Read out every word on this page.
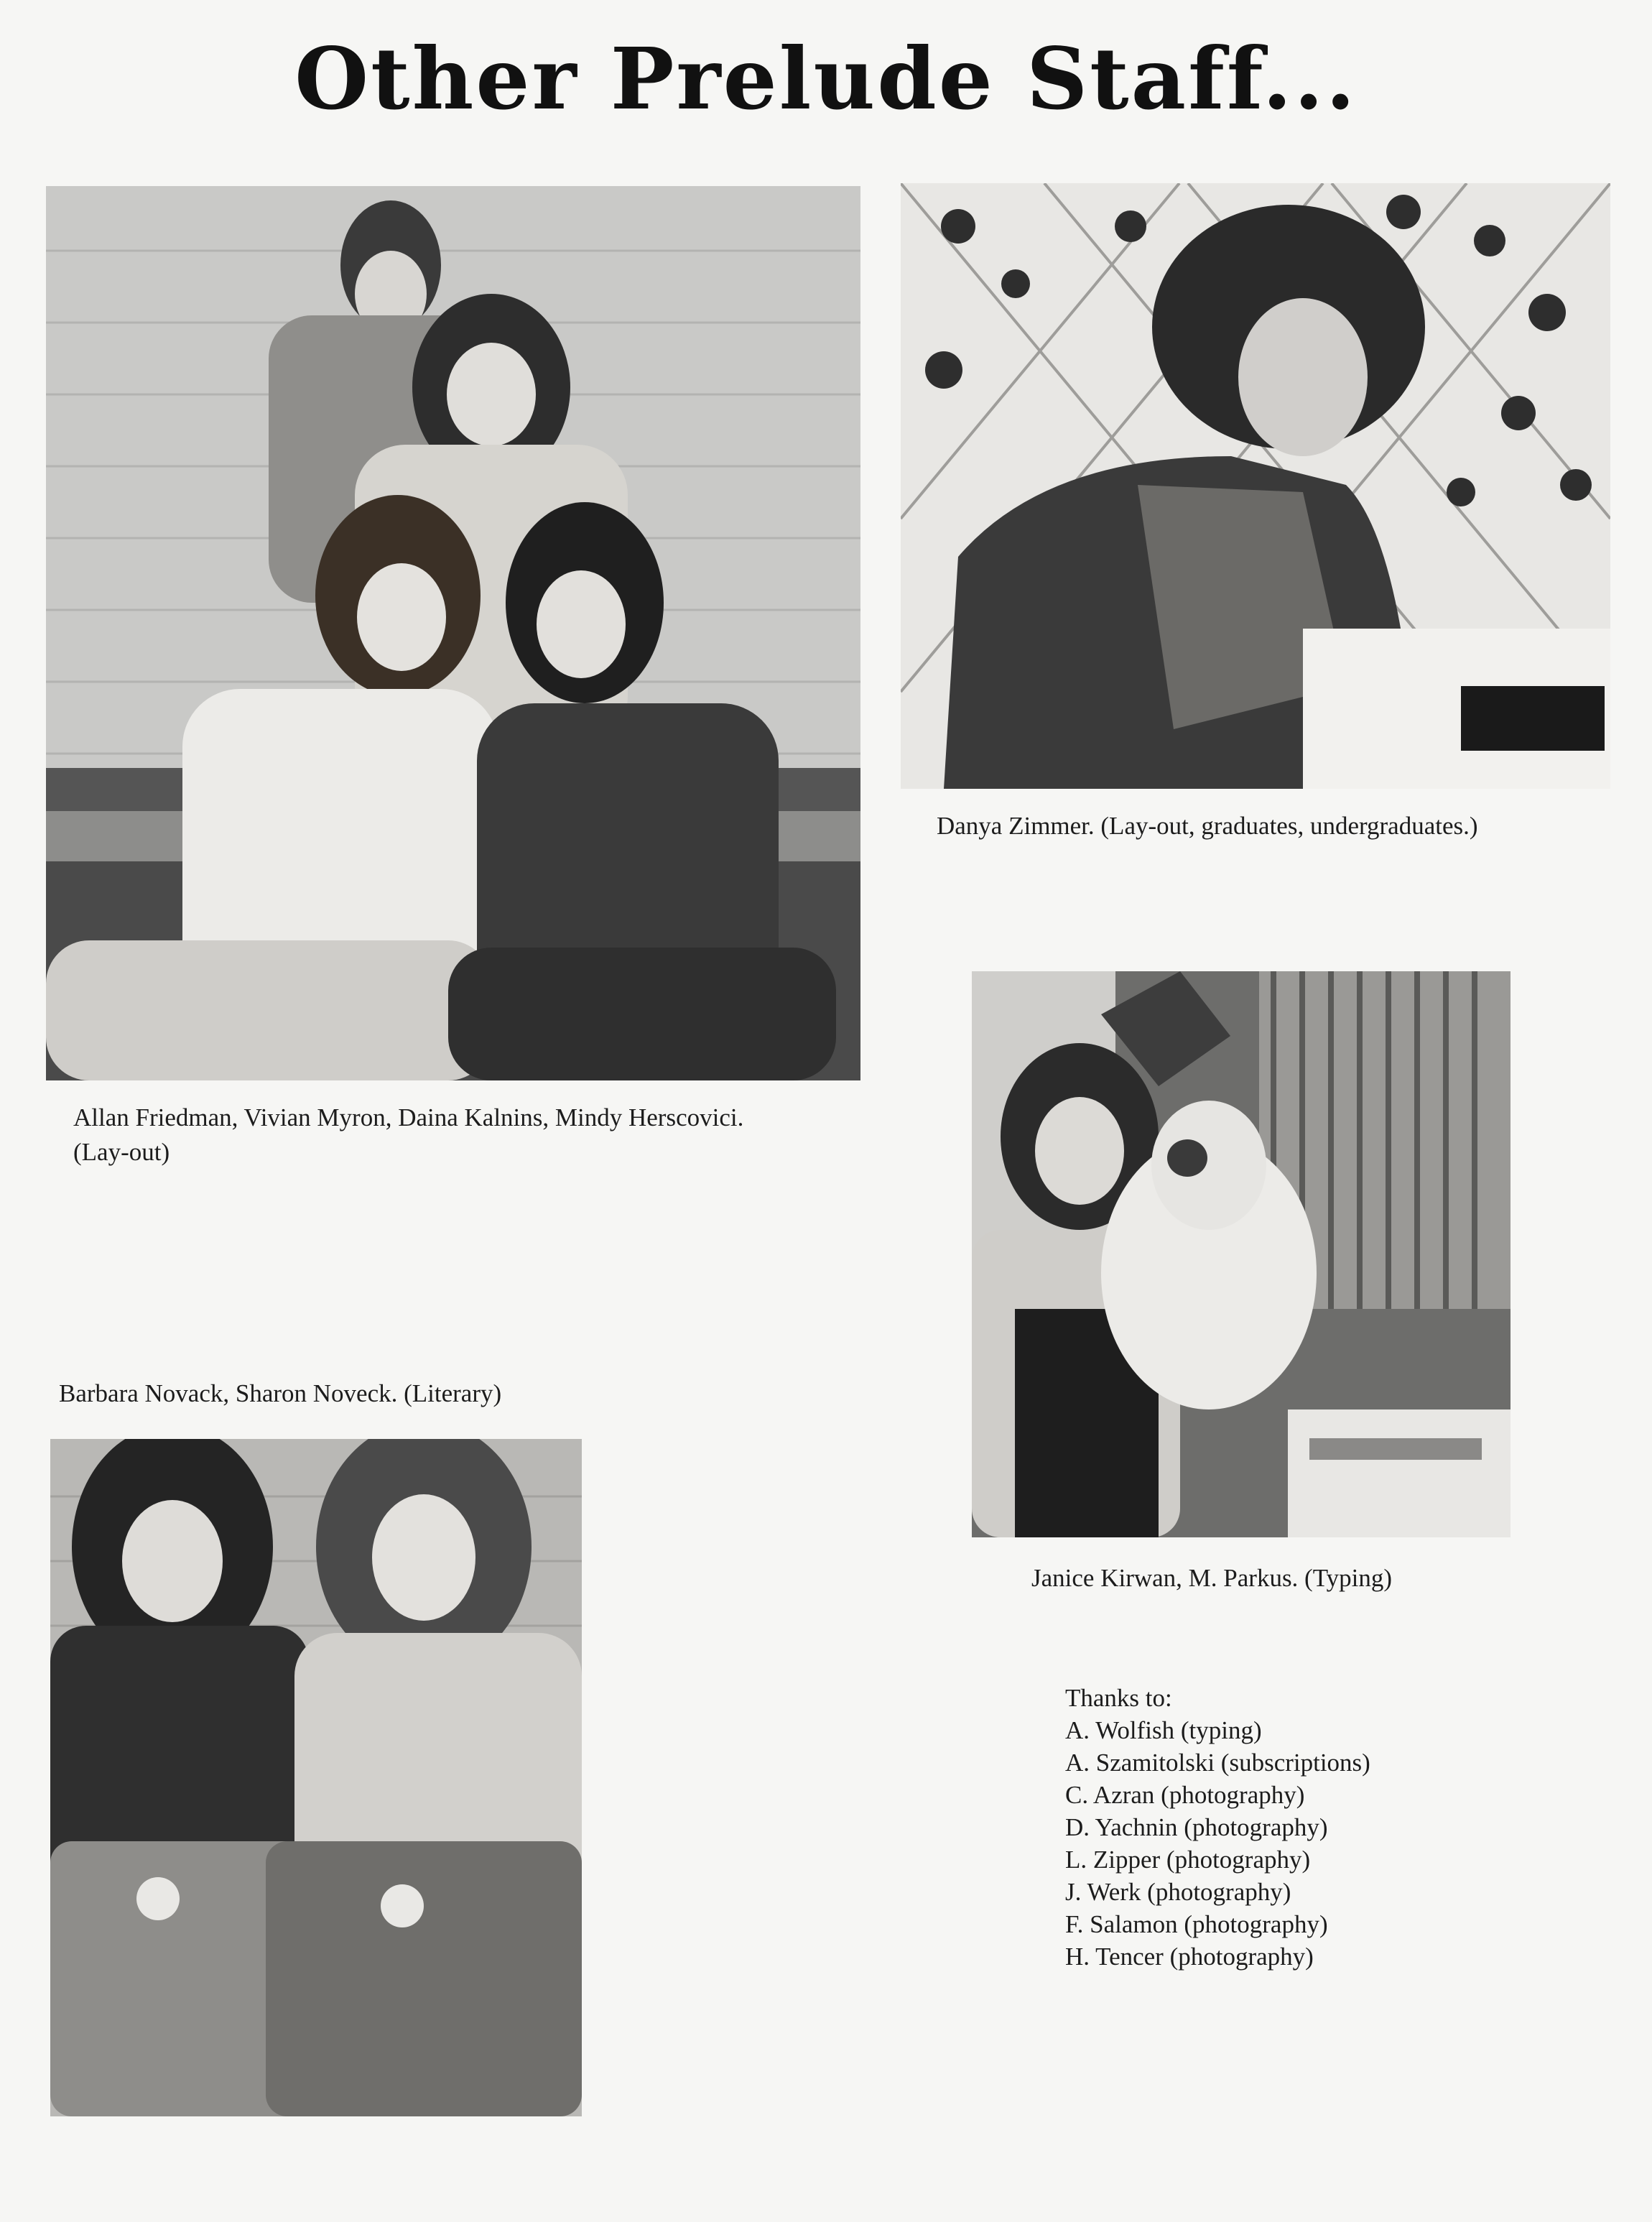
Other Prelude Staff...
Allan Friedman, Vivian Myron, Daina Kalnins, Mindy Herscovici.
(Lay-out)
Danya Zimmer. (Lay-out, graduates, undergraduates.)
Janice Kirwan, M. Parkus. (Typing)
Barbara Novack, Sharon Noveck. (Literary)
Thanks to:
A. Wolfish (typing)
A. Szamitolski (subscriptions)
C. Azran (photography)
D. Yachnin (photography)
L. Zipper (photography)
J. Werk (photography)
F. Salamon (photography)
H. Tencer (photography)
